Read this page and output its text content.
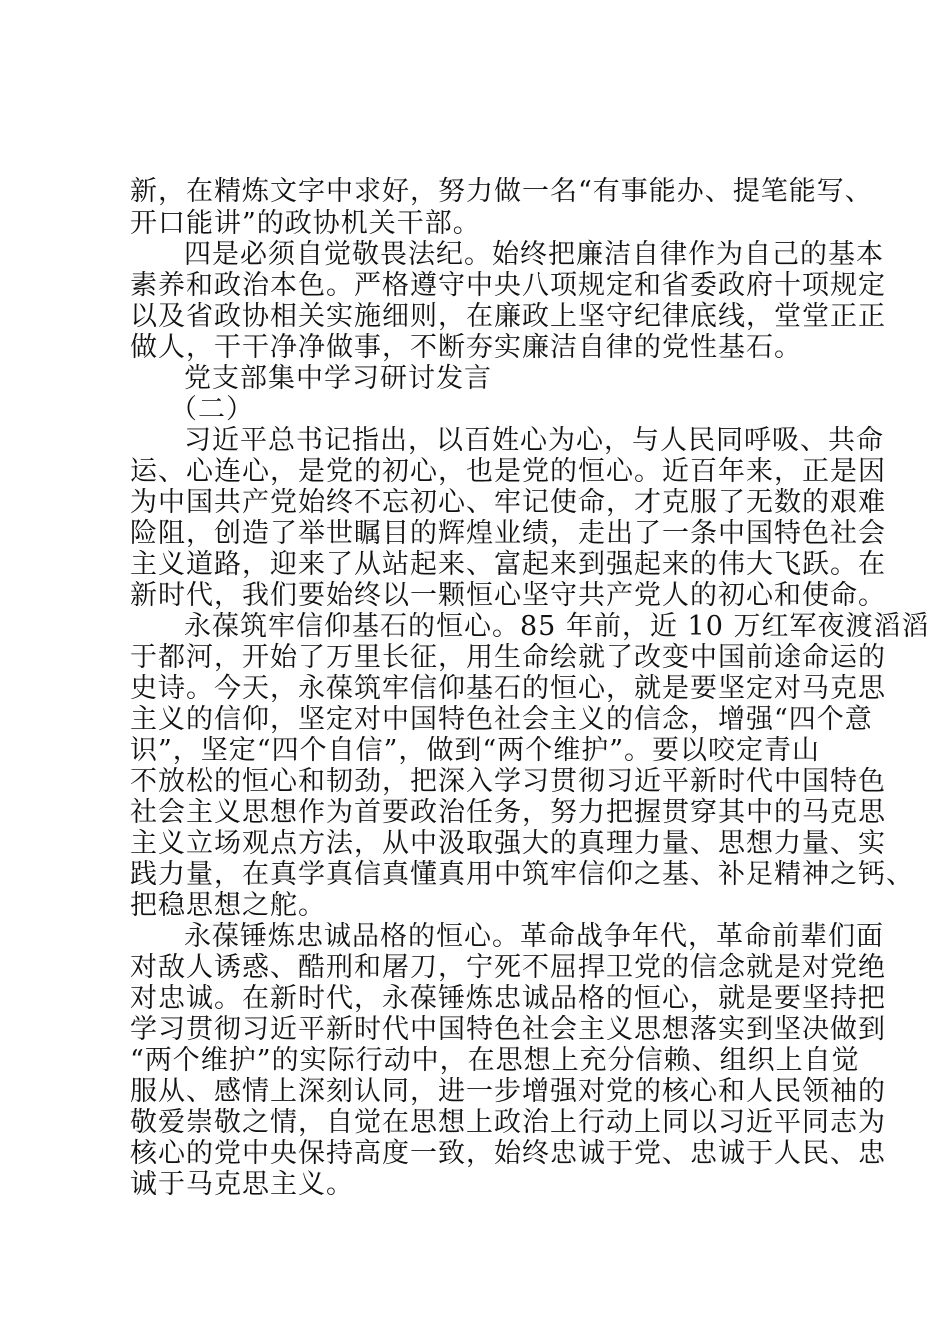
新，在精炼文字中求好，努力做一名“有事能办、提笔能写、
开口能讲”的政协机关干部。
四是必须自觉敬畏法纪。始终把廉洁自律作为自己的基本
素养和政治本色。严格遵守中央八项规定和省委政府十项规定
以及省政协相关实施细则，在廉政上坚守纪律底线，堂堂正正
做人，干干净净做事，不断夯实廉洁自律的党性基石。
党支部集中学习研讨发言
（二）
习近平总书记指出，以百姓心为心，与人民同呼吸、共命
运、心连心，是党的初心，也是党的恒心。近百年来，正是因
为中国共产党始终不忘初心、牢记使命，才克服了无数的艰难
险阻，创造了举世瞩目的辉煌业绩，走出了一条中国特色社会
主义道路，迎来了从站起来、富起来到强起来的伟大飞跃。在
新时代，我们要始终以一颗恒心坚守共产党人的初心和使命。
永葆筑牢信仰基石的恒心。85 年前，近 10 万红军夜渡滔滔
于都河，开始了万里长征，用生命绘就了改变中国前途命运的
史诗。今天，永葆筑牢信仰基石的恒心，就是要坚定对马克思
主义的信仰，坚定对中国特色社会主义的信念，增强“四个意
识”，坚定“四个自信”，做到“两个维护”。要以咬定青山
不放松的恒心和韧劲，把深入学习贯彻习近平新时代中国特色
社会主义思想作为首要政治任务，努力把握贯穿其中的马克思
主义立场观点方法，从中汲取强大的真理力量、思想力量、实
践力量，在真学真信真懂真用中筑牢信仰之基、补足精神之钙、
把稳思想之舵。
永葆锤炼忠诚品格的恒心。革命战争年代，革命前辈们面
对敌人诱惑、酷刑和屠刀，宁死不屈捍卫党的信念就是对党绝
对忠诚。在新时代，永葆锤炼忠诚品格的恒心，就是要坚持把
学习贯彻习近平新时代中国特色社会主义思想落实到坚决做到
“两个维护”的实际行动中，在思想上充分信赖、组织上自觉
服从、感情上深刻认同，进一步增强对党的核心和人民领袖的
敬爱崇敬之情，自觉在思想上政治上行动上同以习近平同志为
核心的党中央保持高度一致，始终忠诚于党、忠诚于人民、忠
诚于马克思主义。
